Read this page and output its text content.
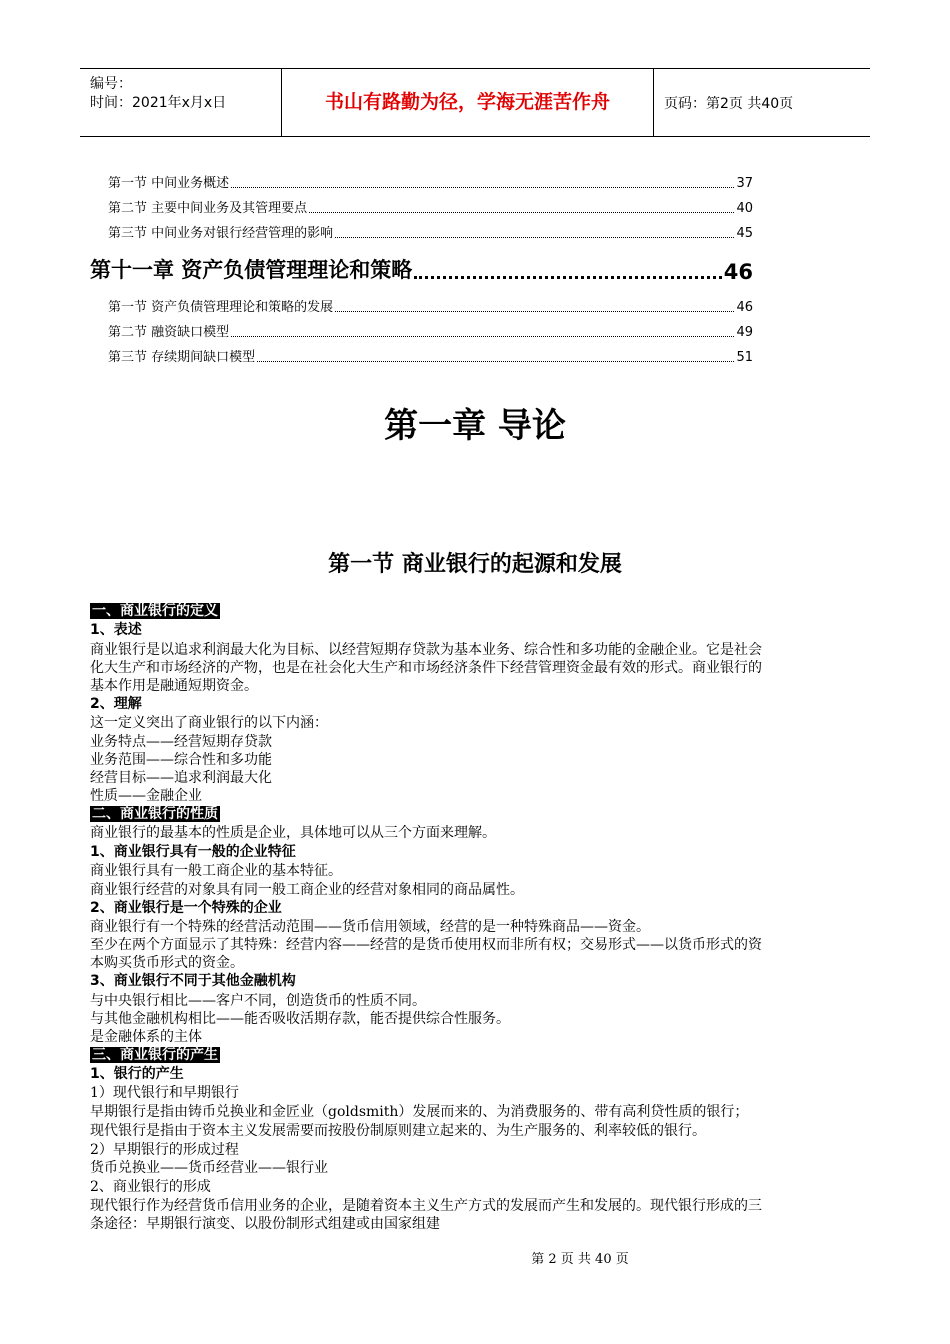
编号：
时间：2021年x月x日	书山有路勤为径，学海无涯苦作舟	页码：第2页 共40页
第一节 中间业务概述	37
第二节 主要中间业务及其管理要点	40
第三节 中间业务对银行经营管理的影响	45
第十一章 资产负债管理理论和策略	46
第一节 资产负债管理理论和策略的发展	46
第二节 融资缺口模型	49
第三节 存续期间缺口模型	51
第一章 导论
第一节 商业银行的起源和发展
一、商业银行的定义
1、表述
商业银行是以追求利润最大化为目标、以经营短期存贷款为基本业务、综合性和多功能的金融企业。它是社会
化大生产和市场经济的产物，也是在社会化大生产和市场经济条件下经营管理资金最有效的形式。商业银行的
基本作用是融通短期资金。
2、理解
这一定义突出了商业银行的以下内涵：
业务特点——经营短期存贷款
业务范围——综合性和多功能
经营目标——追求利润最大化
性质——金融企业
二、商业银行的性质
商业银行的最基本的性质是企业，具体地可以从三个方面来理解。
1、商业银行具有一般的企业特征
商业银行具有一般工商企业的基本特征。
商业银行经营的对象具有同一般工商企业的经营对象相同的商品属性。
2、商业银行是一个特殊的企业
商业银行有一个特殊的经营活动范围——货币信用领域，经营的是一种特殊商品——资金。
至少在两个方面显示了其特殊：经营内容——经营的是货币使用权而非所有权；交易形式——以货币形式的资
本购买货币形式的资金。
3、商业银行不同于其他金融机构
与中央银行相比——客户不同，创造货币的性质不同。
与其他金融机构相比——能否吸收活期存款，能否提供综合性服务。
是金融体系的主体
三、商业银行的产生
1、银行的产生
1）现代银行和早期银行
早期银行是指由铸币兑换业和金匠业（goldsmith）发展而来的、为消费服务的、带有高利贷性质的银行；
现代银行是指由于资本主义发展需要而按股份制原则建立起来的、为生产服务的、利率较低的银行。
2）早期银行的形成过程
货币兑换业——货币经营业——银行业
2、商业银行的形成
现代银行作为经营货币信用业务的企业，是随着资本主义生产方式的发展而产生和发展的。现代银行形成的三
条途径：早期银行演变、以股份制形式组建或由国家组建
第 2 页 共 40 页
